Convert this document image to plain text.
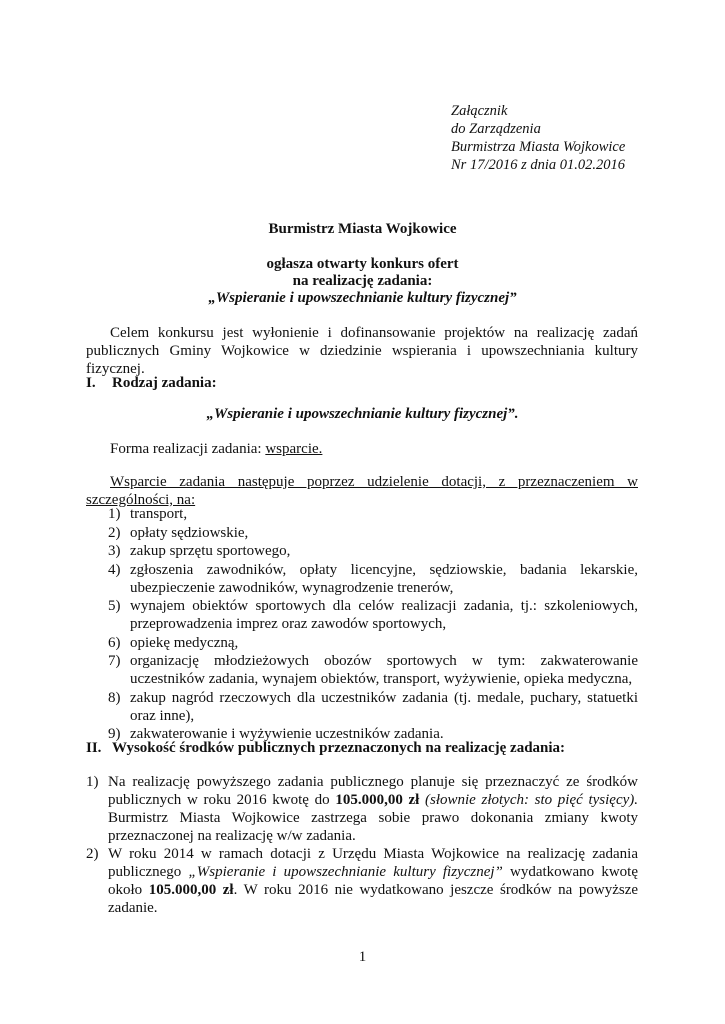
Załącznik
do Zarządzenia
Burmistrza Miasta Wojkowice
Nr 17/2016 z dnia 01.02.2016
Burmistrz Miasta Wojkowice
ogłasza otwarty konkurs ofert
na realizację zadania:
„Wspieranie i upowszechnianie kultury fizycznej”
Celem konkursu jest wyłonienie i dofinansowanie projektów na realizację zadań publicznych Gminy Wojkowice w dziedzinie wspierania i upowszechniania kultury fizycznej.
I. Rodzaj zadania:
„Wspieranie i upowszechnianie kultury fizycznej”.
Forma realizacji zadania: wsparcie.
Wsparcie zadania następuje poprzez udzielenie dotacji, z przeznaczeniem w szczególności, na:
1) transport,
2) opłaty sędziowskie,
3) zakup sprzętu sportowego,
4) zgłoszenia zawodników, opłaty licencyjne, sędziowskie, badania lekarskie, ubezpieczenie zawodników, wynagrodzenie trenerów,
5) wynajem obiektów sportowych dla celów realizacji zadania, tj.: szkoleniowych, przeprowadzenia imprez oraz zawodów sportowych,
6) opiekę medyczną,
7) organizację młodzieżowych obozów sportowych w tym: zakwaterowanie uczestników zadania, wynajem obiektów, transport, wyżywienie, opieka medyczna,
8) zakup nagród rzeczowych dla uczestników zadania (tj. medale, puchary, statuetki oraz inne),
9) zakwaterowanie i wyżywienie uczestników zadania.
II. Wysokość środków publicznych przeznaczonych na realizację zadania:
1) Na realizację powyższego zadania publicznego planuje się przeznaczyć ze środków publicznych w roku 2016 kwotę do 105.000,00 zł (słownie złotych: sto pięć tysięcy). Burmistrz Miasta Wojkowice zastrzega sobie prawo dokonania zmiany kwoty przeznaczonej na realizację w/w zadania.
2) W roku 2014 w ramach dotacji z Urzędu Miasta Wojkowice na realizację zadania publicznego „Wspieranie i upowszechnianie kultury fizycznej” wydatkowano kwotę około 105.000,00 zł. W roku 2016 nie wydatkowano jeszcze środków na powyższe zadanie.
1
